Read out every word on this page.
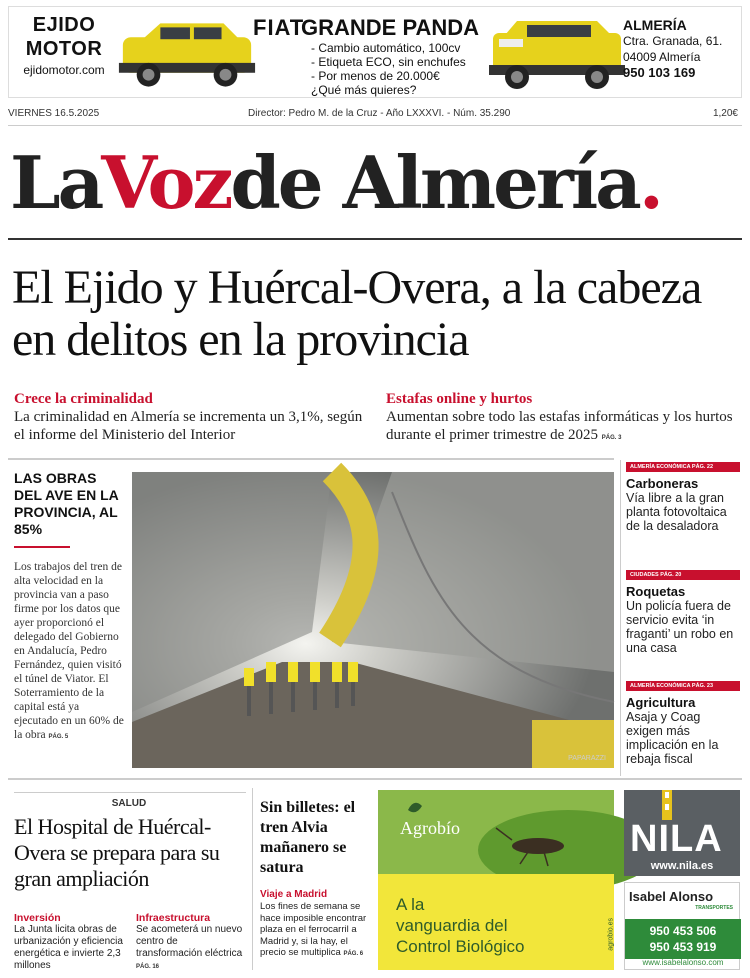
EJIDO
MOTOR
ejidomotor.com
FIAT
GRANDE PANDA
- Cambio automático, 100cv
- Etiqueta ECO, sin enchufes
- Por menos de 20.000€
¿Qué más quieres?
ALMERÍA
Ctra. Granada, 61.
04009 Almería
950 103 169
VIERNES 16.5.2025	Director: Pedro M. de la Cruz - Año LXXXVI. - Núm. 35.290	1,20€
LaVozde Almería.
El Ejido y Huércal-Overa, a la cabeza en delitos en la provincia
Crece la criminalidad
La criminalidad en Almería se incrementa un 3,1%, según el informe del Ministerio del Interior
Estafas online y hurtos
Aumentan sobre todo las estafas informáticas y los hurtos durante el primer trimestre de 2025 PÁG. 3
LAS OBRAS DEL AVE EN LA PROVINCIA, AL 85%
Los trabajos del tren de alta velocidad en la provincia van a paso firme por los datos que ayer proporcionó el delegado del Gobierno en Andalucía, Pedro Fernández, quien visitó el túnel de Viator. El Soterramiento de la capital está ya ejecutado en un 60% de la obra PÁG. 5
PAPARAZZI
ALMERÍA ECONÓMICA PÁG. 22
Carboneras
Vía libre a la gran planta fotovoltaica de la desaladora
CIUDADES PÁG. 20
Roquetas
Un policía fuera de servicio evita ‘in fraganti’ un robo en una casa
ALMERÍA ECONÓMICA PÁG. 23
Agricultura
Asaja y Coag exigen más implicación en la rebaja fiscal
SALUD
El Hospital de Huércal-Overa se prepara para su gran ampliación
Inversión
La Junta licita obras de urbanización y eficiencia energética e invierte 2,3 millones
Infraestructura
Se acometerá un nuevo centro de transformación eléctrica PÁG. 16
Sin billetes: el tren Alvia mañanero se satura
Viaje a Madrid
Los fines de semana se hace imposible encontrar plaza en el ferrocarril a Madrid y, si la hay, el precio se multiplica PÁG. 6
Agrobío
A la
vanguardia del
Control Biológico	agrobio.es
NILA
www.nila.es
Isabel Alonso
TRANSPORTES
950 453 506
950 453 919
www.isabelalonso.com
